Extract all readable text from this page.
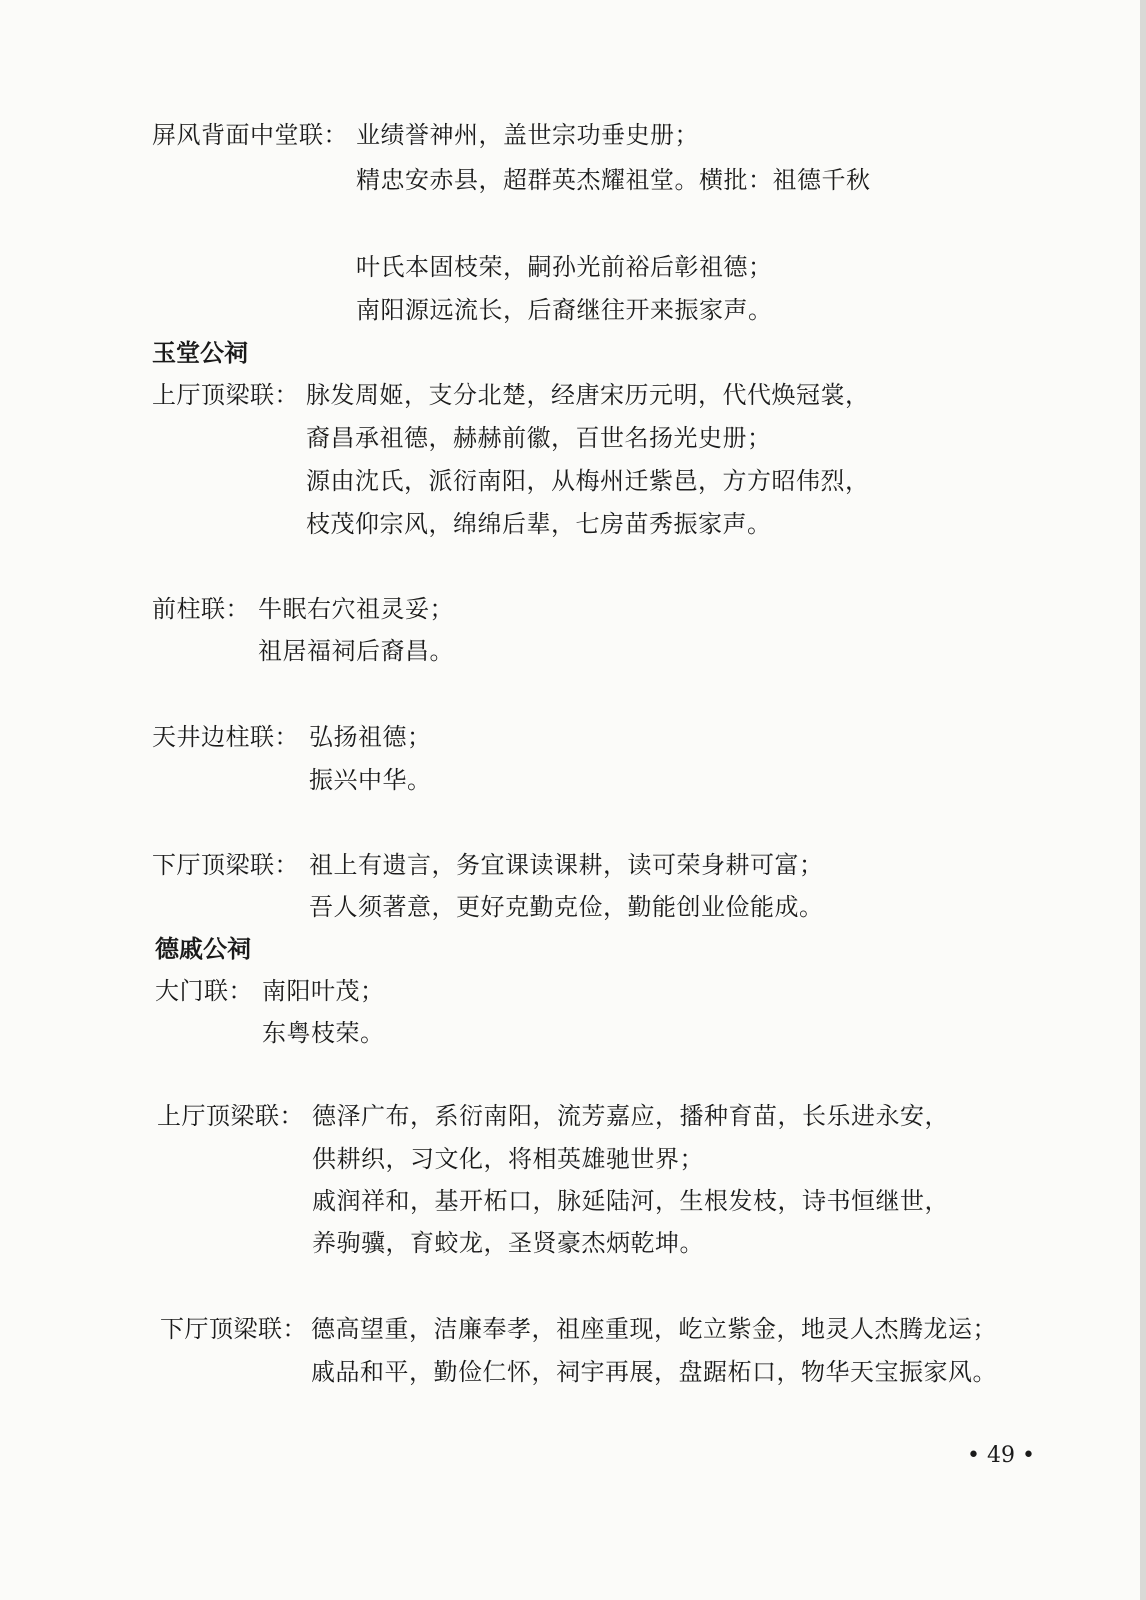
屏风背面中堂联： 业绩誉神州，盖世宗功垂史册；
精忠安赤县，超群英杰耀祖堂。横批：祖德千秋
叶氏本固枝荣，嗣孙光前裕后彰祖德；
南阳源远流长，后裔继往开来振家声。
玉堂公祠
上厅顶梁联： 脉发周姬，支分北楚，经唐宋历元明，代代焕冠裳，
裔昌承祖德，赫赫前徽，百世名扬光史册；
源由沈氏，派衍南阳，从梅州迁紫邑，方方昭伟烈，
枝茂仰宗风，绵绵后辈，七房苗秀振家声。
前柱联： 牛眠右穴祖灵妥；
祖居福祠后裔昌。
天井边柱联： 弘扬祖德；
振兴中华。
下厅顶梁联： 祖上有遗言，务宜课读课耕，读可荣身耕可富；
吾人须著意，更好克勤克俭，勤能创业俭能成。
德戚公祠
大门联： 南阳叶茂；
东粤枝荣。
上厅顶梁联： 德泽广布，系衍南阳，流芳嘉应，播种育苗，长乐进永安，
供耕织，习文化，将相英雄驰世界；
戚润祥和，基开柘口，脉延陆河，生根发枝，诗书恒继世，
养驹骥，育蛟龙，圣贤豪杰炳乾坤。
下厅顶梁联： 德高望重，洁廉奉孝，祖座重现，屹立紫金，地灵人杰腾龙运；
戚品和平，勤俭仁怀，祠宇再展，盘踞柘口，物华天宝振家风。
• 49 •
